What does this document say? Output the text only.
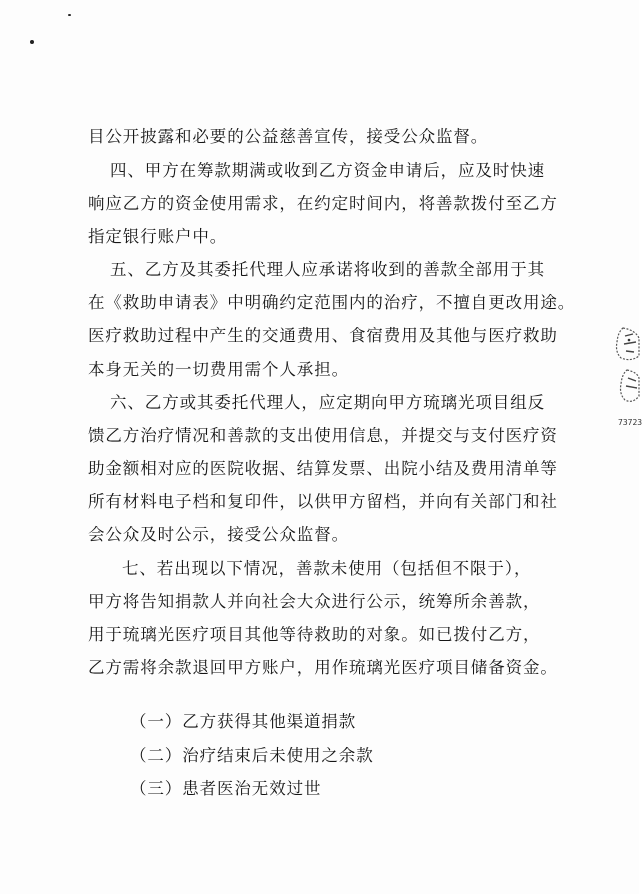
目公开披露和必要的公益慈善宣传，接受公众监督。
四、甲方在筹款期满或收到乙方资金申请后，应及时快速
响应乙方的资金使用需求，在约定时间内，将善款拨付至乙方
指定银行账户中。
五、乙方及其委托代理人应承诺将收到的善款全部用于其
在《救助申请表》中明确约定范围内的治疗，不擅自更改用途。
医疗救助过程中产生的交通费用、食宿费用及其他与医疗救助
本身无关的一切费用需个人承担。
六、乙方或其委托代理人，应定期向甲方琉璃光项目组反
馈乙方治疗情况和善款的支出使用信息，并提交与支付医疗资
助金额相对应的医院收据、结算发票、出院小结及费用清单等
所有材料电子档和复印件，以供甲方留档，并向有关部门和社
会公众及时公示，接受公众监督。
七、若出现以下情况，善款未使用（包括但不限于），
甲方将告知捐款人并向社会大众进行公示，统筹所余善款，
用于琉璃光医疗项目其他等待救助的对象。如已拨付乙方，
乙方需将余款退回甲方账户，用作琉璃光医疗项目储备资金。
（一）乙方获得其他渠道捐款
（二）治疗结束后未使用之余款
（三）患者医治无效过世
73723
